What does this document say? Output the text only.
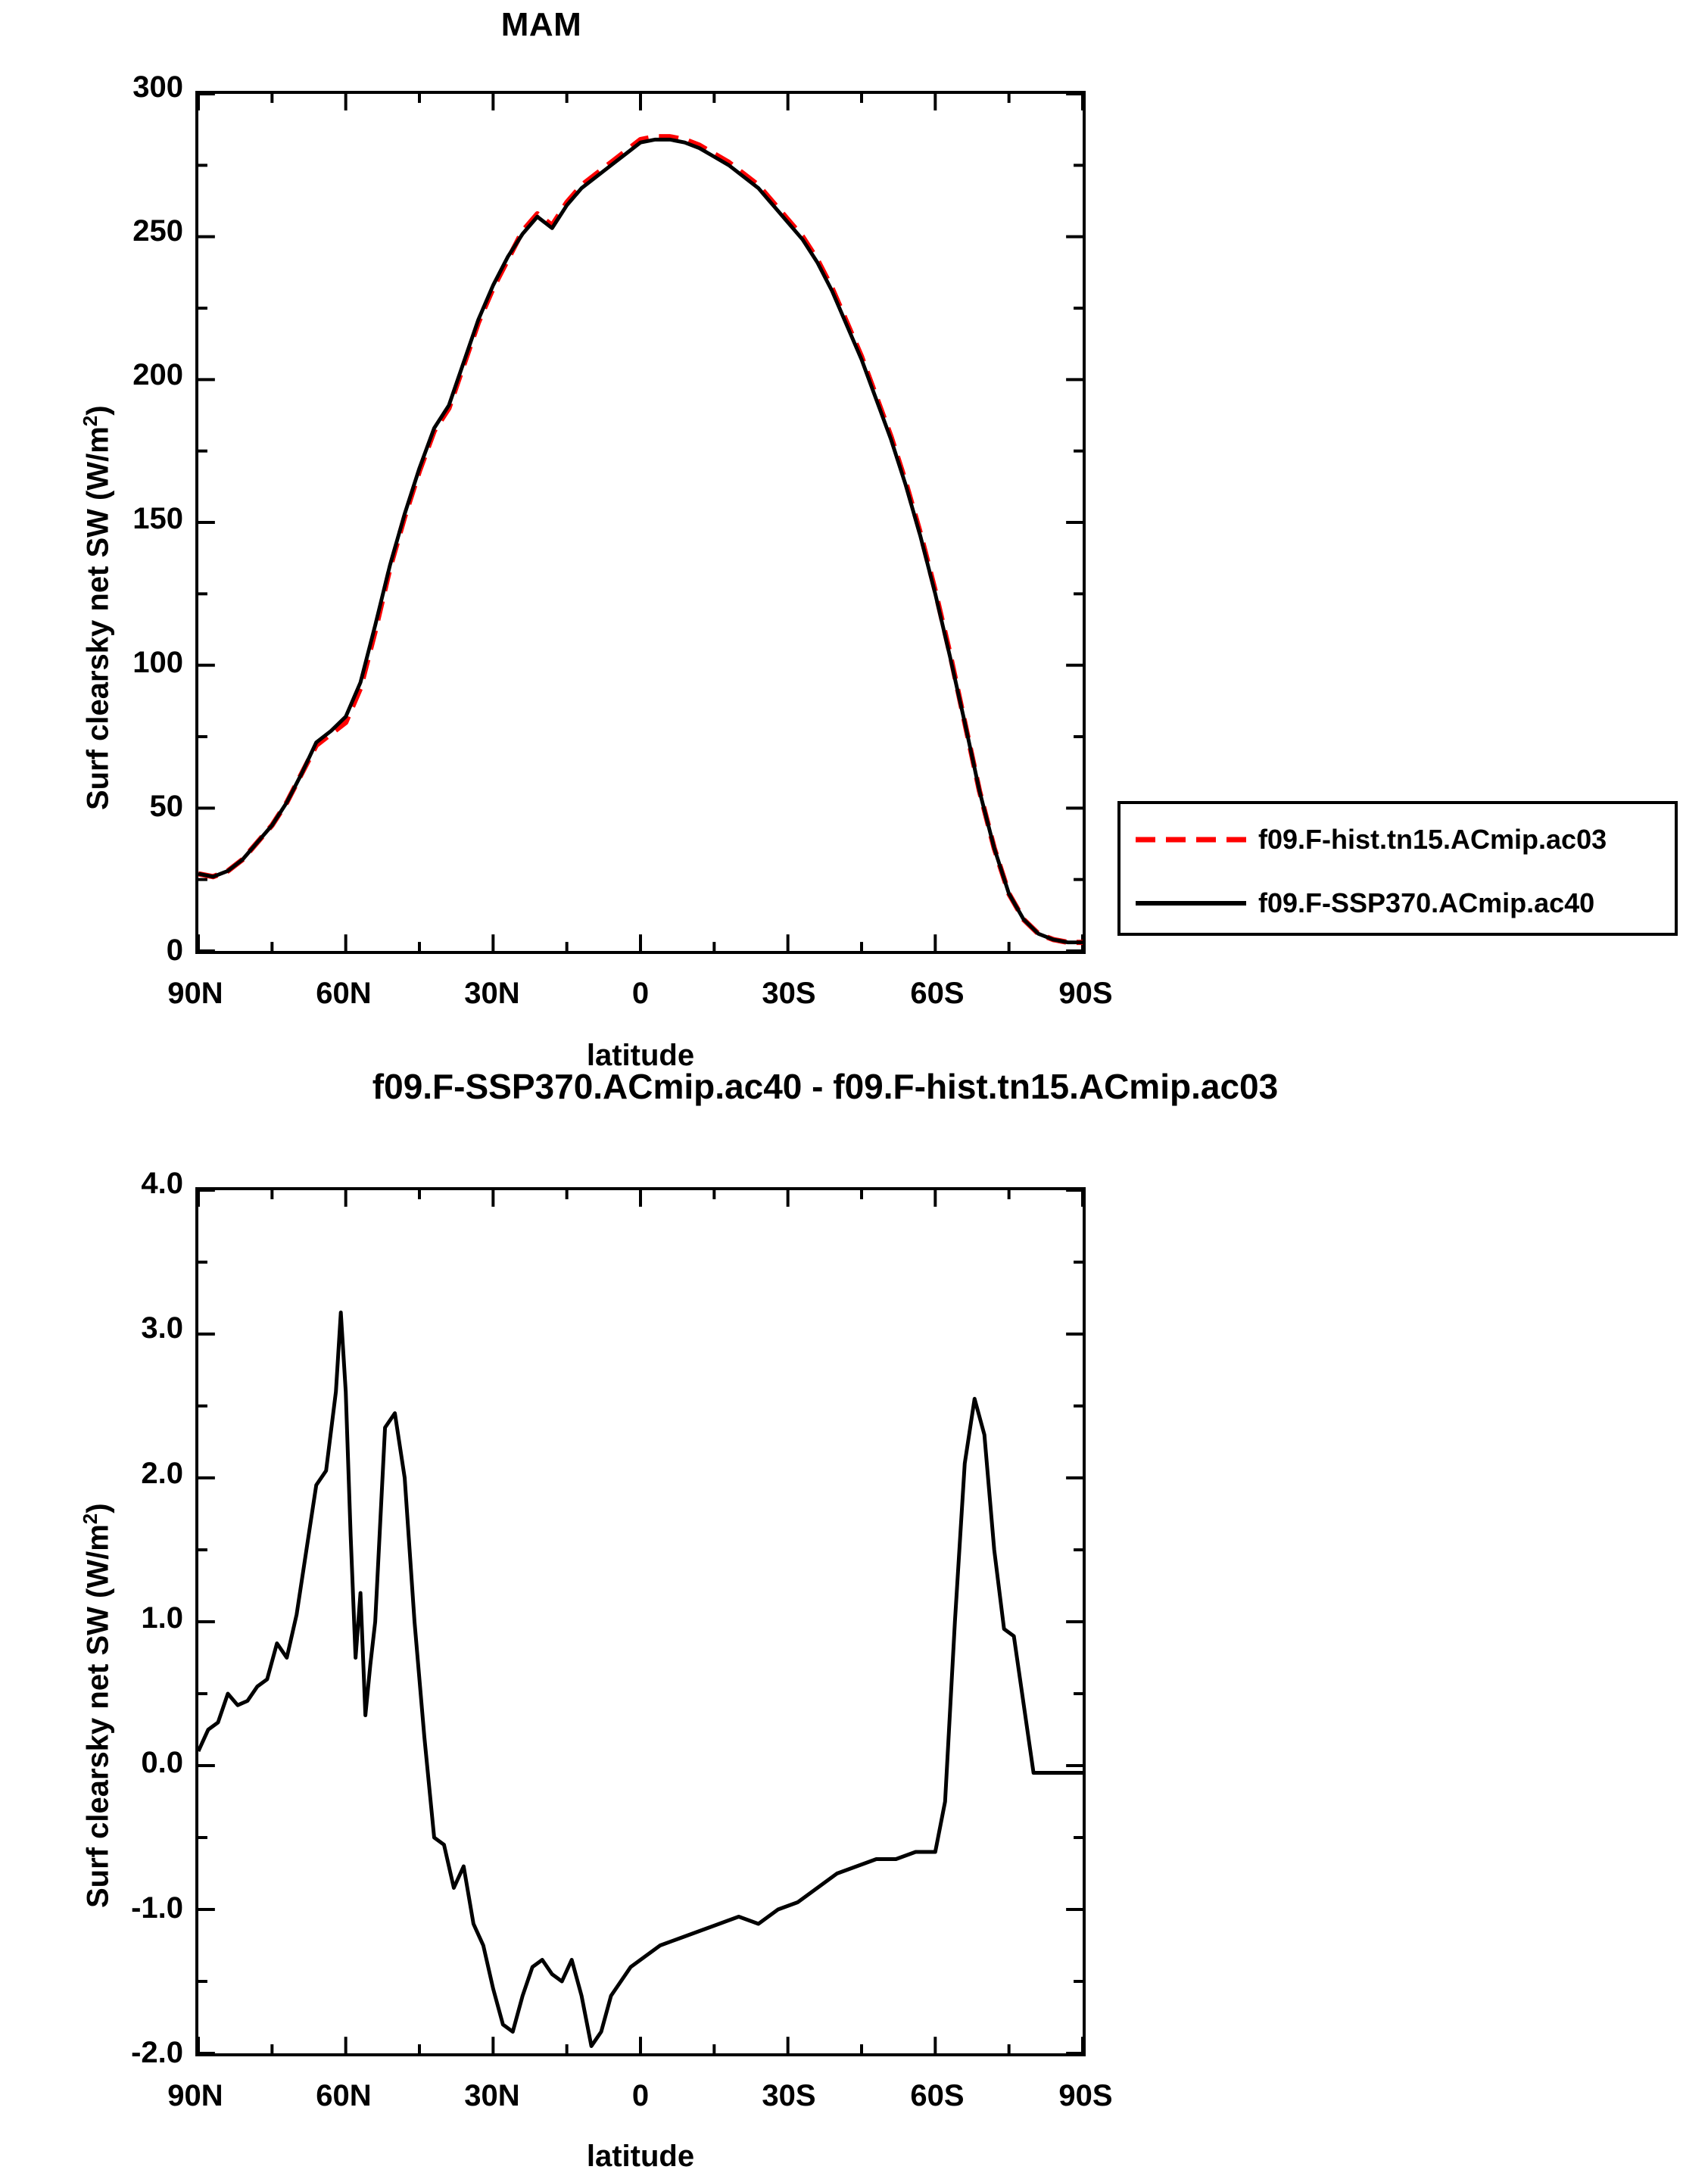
MAM
Surf clearsky net SW $(W/m^2)$
latitude
0
50
100
150
200
250
300
90N	60N	30N	0	30S	60S	90S
f09.F-hist.tn15.ACmip.ac03
f09.F-SSP370.ACmip.ac40
f09.F-SSP370.ACmip.ac40 - f09.F-hist.tn15.ACmip.ac03
Surf clearsky net SW $(W/m^2)$
latitude
-2.0
-1.0
0.0
1.0
2.0
3.0
4.0
90N	60N	30N	0	30S	60S	90S
